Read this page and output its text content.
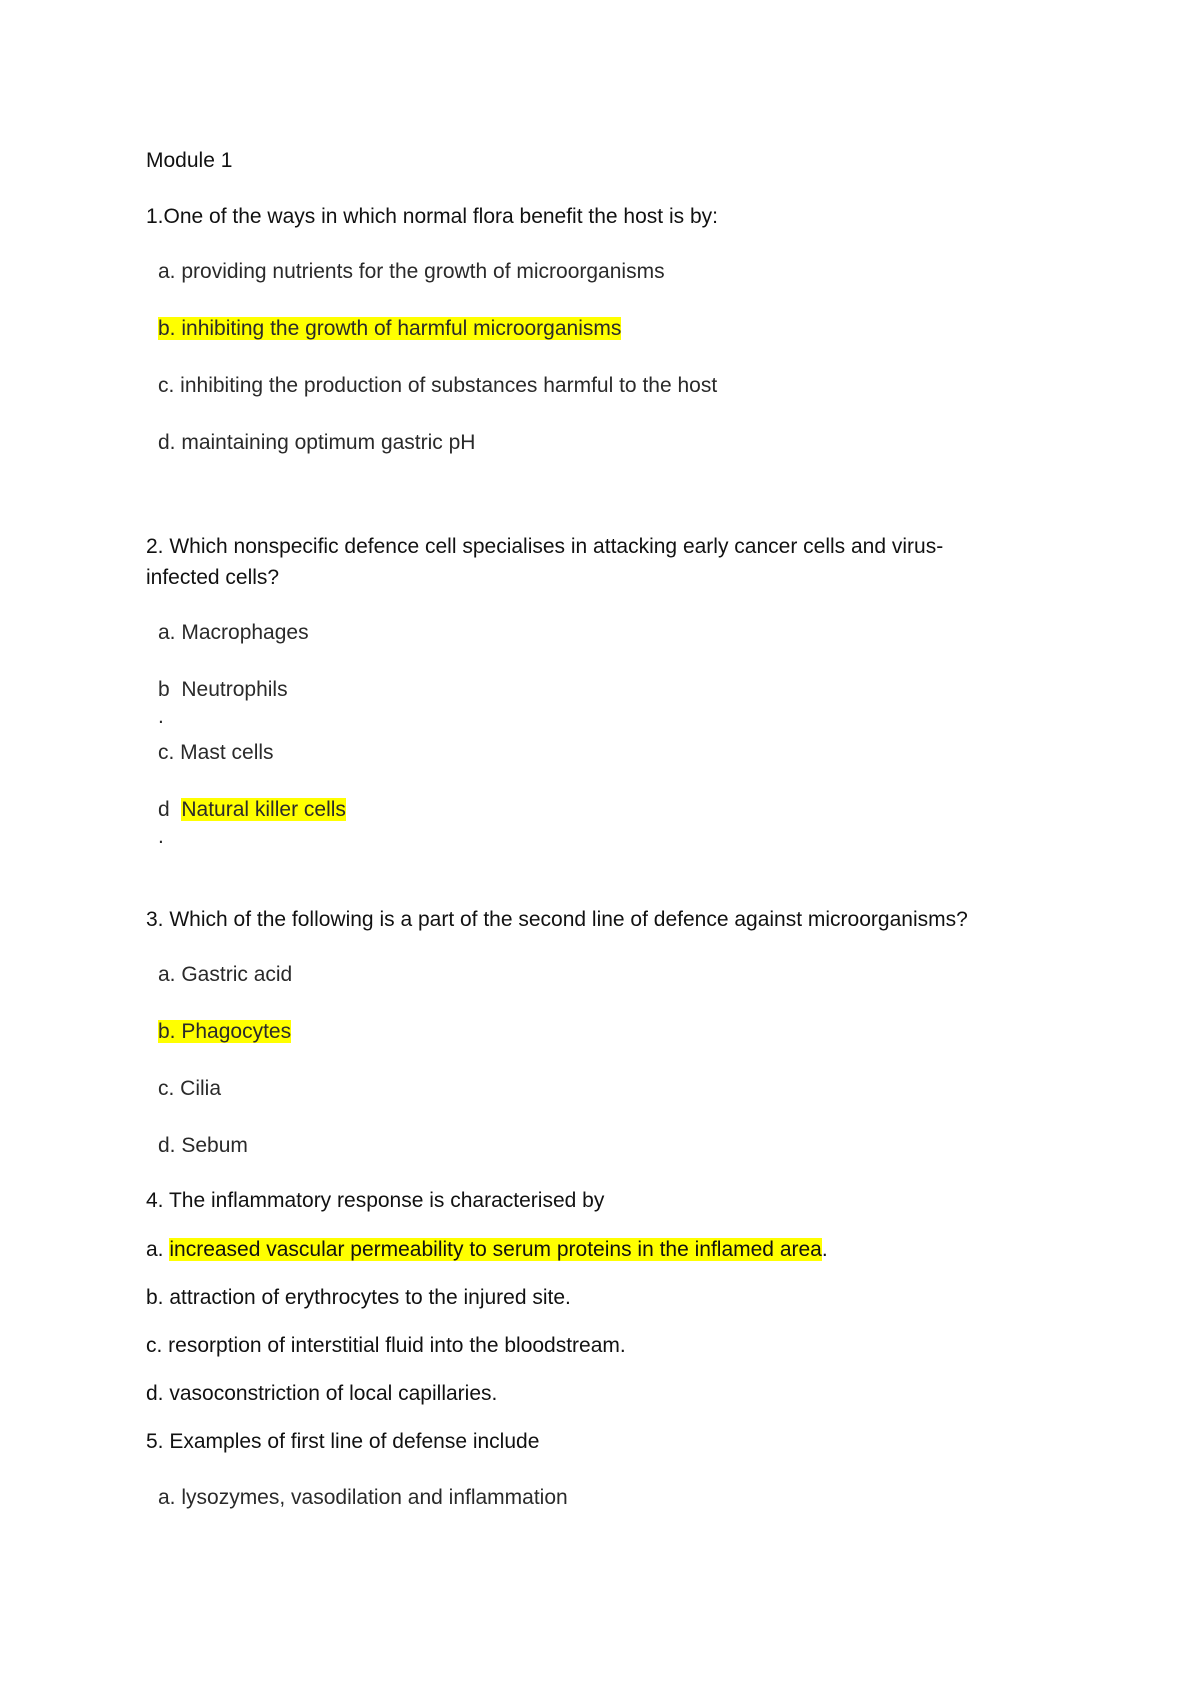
Module 1
1.One of the ways in which normal flora benefit the host is by:
a. providing nutrients for the growth of microorganisms
b. inhibiting the growth of harmful microorganisms
c. inhibiting the production of substances harmful to the host
d. maintaining optimum gastric pH
2. Which nonspecific defence cell specialises in attacking early cancer cells and virus-
infected cells?
a. Macrophages
b Neutrophils
.
c. Mast cells
d Natural killer cells
.
3. Which of the following is a part of the second line of defence against microorganisms?
a. Gastric acid
b. Phagocytes
c. Cilia
d. Sebum
4. The inflammatory response is characterised by
a. increased vascular permeability to serum proteins in the inflamed area.
b. attraction of erythrocytes to the injured site.
c. resorption of interstitial fluid into the bloodstream.
d. vasoconstriction of local capillaries.
5. Examples of first line of defense include
a. lysozymes, vasodilation and inflammation
